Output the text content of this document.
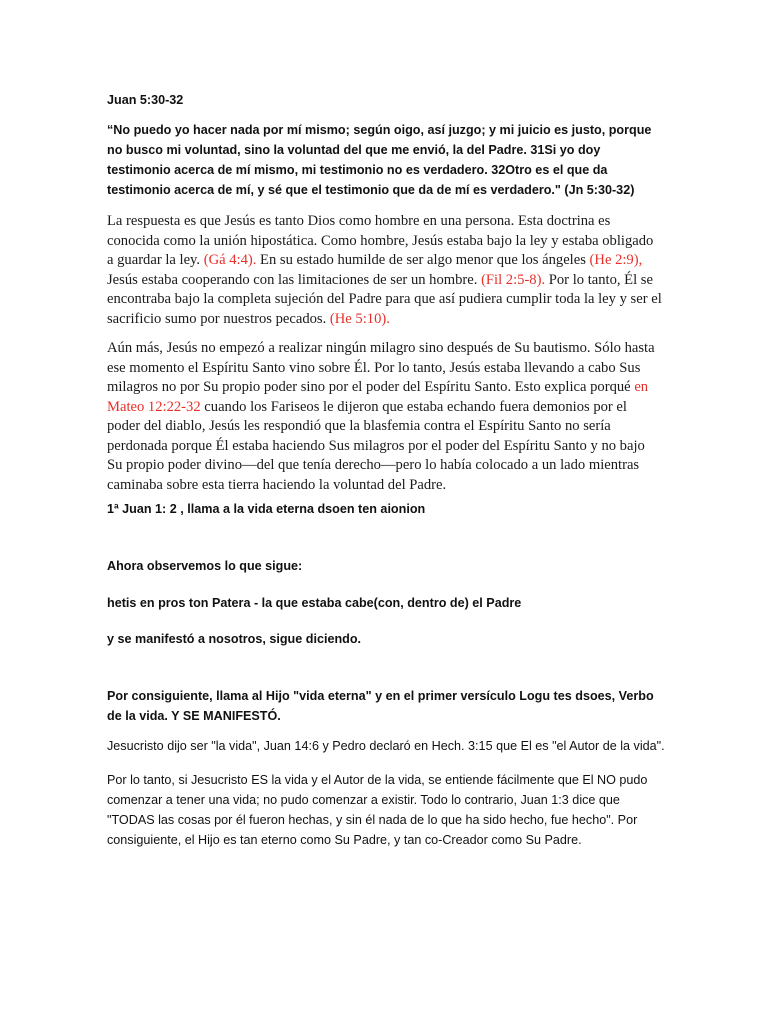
Juan 5:30-32

“No puedo yo hacer nada por mí mismo; según oigo, así juzgo; y mi juicio es justo, porque no busco mi voluntad, sino la voluntad del que me envió, la del Padre. 31Si yo doy testimonio acerca de mí mismo, mi testimonio no es verdadero. 32Otro es el que da testimonio acerca de mí, y sé que el testimonio que da de mí es verdadero." (Jn 5:30-32)

La respuesta es que Jesús es tanto Dios como hombre en una persona. Esta doctrina es conocida como la unión hipostática. Como hombre, Jesús estaba bajo la ley y estaba obligado a guardar la ley. (Gá 4:4). En su estado humilde de ser algo menor que los ángeles (He 2:9), Jesús estaba cooperando con las limitaciones de ser un hombre. (Fil 2:5-8). Por lo tanto, Él se encontraba bajo la completa sujeción del Padre para que así pudiera cumplir toda la ley y ser el sacrificio sumo por nuestros pecados. (He 5:10).

Aún más, Jesús no empezó a realizar ningún milagro sino después de Su bautismo. Sólo hasta ese momento el Espíritu Santo vino sobre Él. Por lo tanto, Jesús estaba llevando a cabo Sus milagros no por Su propio poder sino por el poder del Espíritu Santo. Esto explica porqué en Mateo 12:22-32 cuando los Fariseos le dijeron que estaba echando fuera demonios por el poder del diablo, Jesús les respondió que la blasfemia contra el Espíritu Santo no sería perdonada porque Él estaba haciendo Sus milagros por el poder del Espíritu Santo y no bajo Su propio poder divino—del que tenía derecho—pero lo había colocado a un lado mientras caminaba sobre esta tierra haciendo la voluntad del Padre.

1ª Juan 1: 2 , llama a la vida eterna dsoen ten aionion

Ahora observemos lo que sigue:

hetis en pros ton Patera - la que estaba cabe(con, dentro de) el Padre

y se manifestó a nosotros, sigue diciendo.

Por consiguiente, llama al Hijo "vida eterna" y en el primer versículo Logu tes dsoes, Verbo de la vida. Y SE MANIFESTÓ.

Jesucristo dijo ser "la vida", Juan 14:6 y Pedro declaró en Hech. 3:15 que El es "el Autor de la vida".

Por lo tanto, si Jesucristo ES la vida y el Autor de la vida, se entiende fácilmente que El NO pudo comenzar a tener una vida; no pudo comenzar a existir. Todo lo contrario, Juan 1:3 dice que "TODAS las cosas por él fueron hechas, y sin él nada de lo que ha sido hecho, fue hecho". Por consiguiente, el Hijo es tan eterno como Su Padre, y tan co-Creador como Su Padre.
